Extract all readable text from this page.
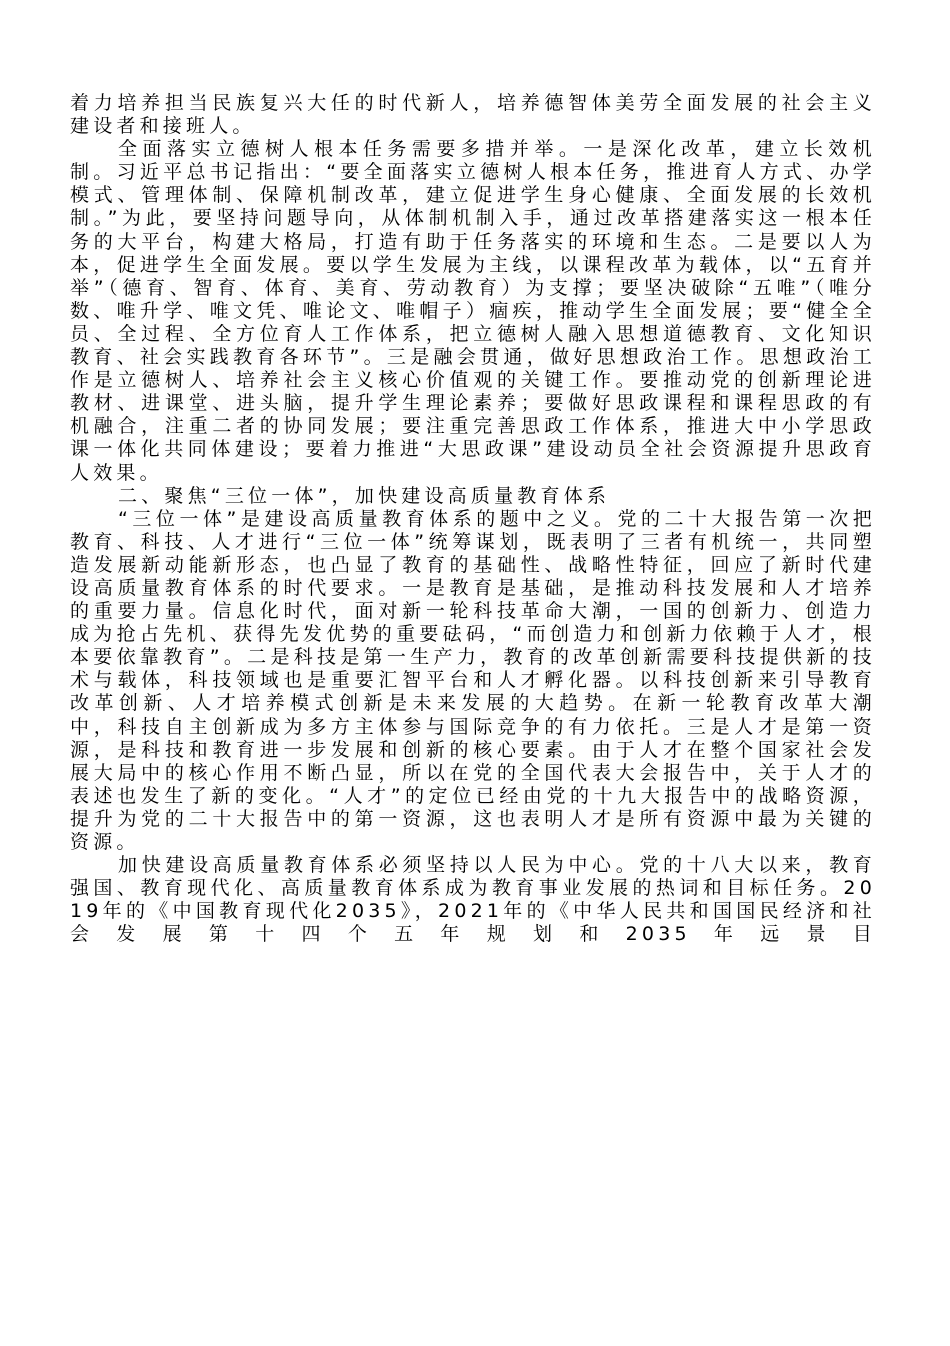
着力培养担当民族复兴大任的时代新人，培养德智体美劳全面发展的社会主义建设者和接班人。

全面落实立德树人根本任务需要多措并举。一是深化改革，建立长效机制。习近平总书记指出：“要全面落实立德树人根本任务，推进育人方式、办学模式、管理体制、保障机制改革，建立促进学生身心健康、全面发展的长效机制。”为此，要坚持问题导向，从体制机制入手，通过改革搭建落实这一根本任务的大平台，构建大格局，打造有助于任务落实的环境和生态。二是要以人为本，促进学生全面发展。要以学生发展为主线，以课程改革为载体，以“五育并举”（德育、智育、体育、美育、劳动教育）为支撑；要坚决破除“五唯”（唯分数、唯升学、唯文凭、唯论文、唯帽子）痼疾，推动学生全面发展；要“健全全员、全过程、全方位育人工作体系，把立德树人融入思想道德教育、文化知识教育、社会实践教育各环节”。三是融会贯通，做好思想政治工作。思想政治工作是立德树人、培养社会主义核心价值观的关键工作。要推动党的创新理论进教材、进课堂、进头脑，提升学生理论素养；要做好思政课程和课程思政的有机融合，注重二者的协同发展；要注重完善思政工作体系，推进大中小学思政课一体化共同体建设；要着力推进“大思政课”建设动员全社会资源提升思政育人效果。

二、聚焦“三位一体”，加快建设高质量教育体系

“三位一体”是建设高质量教育体系的题中之义。党的二十大报告第一次把教育、科技、人才进行“三位一体”统筹谋划，既表明了三者有机统一，共同塑造发展新动能新形态，也凸显了教育的基础性、战略性特征，回应了新时代建设高质量教育体系的时代要求。一是教育是基础，是推动科技发展和人才培养的重要力量。信息化时代，面对新一轮科技革命大潮，一国的创新力、创造力成为抢占先机、获得先发优势的重要砝码，“而创造力和创新力依赖于人才，根本要依靠教育”。二是科技是第一生产力，教育的改革创新需要科技提供新的技术与载体，科技领域也是重要汇智平台和人才孵化器。以科技创新来引导教育改革创新、人才培养模式创新是未来发展的大趋势。在新一轮教育改革大潮中，科技自主创新成为多方主体参与国际竞争的有力依托。三是人才是第一资源，是科技和教育进一步发展和创新的核心要素。由于人才在整个国家社会发展大局中的核心作用不断凸显，所以在党的全国代表大会报告中，关于人才的表述也发生了新的变化。“人才”的定位已经由党的十九大报告中的战略资源，提升为党的二十大报告中的第一资源，这也表明人才是所有资源中最为关键的资源。

加快建设高质量教育体系必须坚持以人民为中心。党的十八大以来，教育强国、教育现代化、高质量教育体系成为教育事业发展的热词和目标任务。2019年的《中国教育现代化2035》，2021年的《中华人民共和国国民经济和社会发展第十四个五年规划和2035年远景目
